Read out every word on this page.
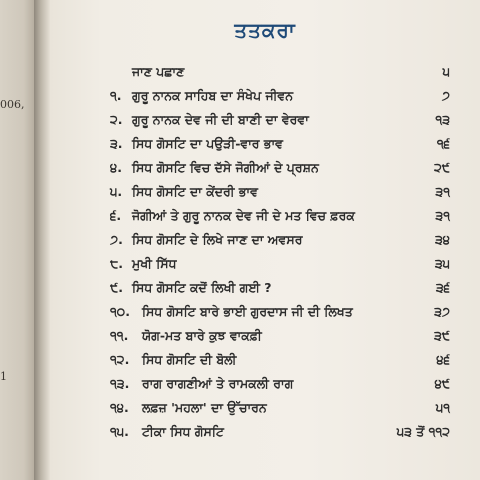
006,
1
ਤਤਕਰਾ
ਜਾਣ ਪਛਾਣ	੫
੧. ਗੁਰੂ ਨਾਨਕ ਸਾਹਿਬ ਦਾ ਸੰਖੇਪ ਜੀਵਨ	੭
੨. ਗੁਰੂ ਨਾਨਕ ਦੇਵ ਜੀ ਦੀ ਬਾਣੀ ਦਾ ਵੇਰਵਾ	੧੩
੩. ਸਿਧ ਗੋਸਟਿ ਦਾ ਪਉੜੀ-ਵਾਰ ਭਾਵ	੧੬
੪. ਸਿਧ ਗੋਸਟਿ ਵਿਚ ਦੱਸੇ ਜੋਗੀਆਂ ਦੇ ਪ੍ਰਸ਼ਨ	੨੯
੫. ਸਿਧ ਗੋਸਟਿ ਦਾ ਕੇਂਦਰੀ ਭਾਵ	੩੧
੬. ਜੋਗੀਆਂ ਤੇ ਗੁਰੂ ਨਾਨਕ ਦੇਵ ਜੀ ਦੇ ਮਤ ਵਿਚ ਫ਼ਰਕ	੩੧
੭. ਸਿਧ ਗੋਸਟਿ ਦੇ ਲਿਖੇ ਜਾਣ ਦਾ ਅਵਸਰ	੩੪
੮. ਮੁਖੀ ਸਿੱਧ	੩੫
੯. ਸਿਧ ਗੋਸਟਿ ਕਦੋਂ ਲਿਖੀ ਗਈ ?	੩੬
੧੦. ਸਿਧ ਗੋਸਟਿ ਬਾਰੇ ਭਾਈ ਗੁਰਦਾਸ ਜੀ ਦੀ ਲਿਖਤ	੩੭
੧੧. ਯੋਗ-ਮਤ ਬਾਰੇ ਕੁਝ ਵਾਕਫ਼ੀ	੩੯
੧੨. ਸਿਧ ਗੋਸਟਿ ਦੀ ਬੋਲੀ	੪੬
੧੩. ਰਾਗ ਰਾਗਣੀਆਂ ਤੇ ਰਾਮਕਲੀ ਰਾਗ	੪੯
੧੪. ਲਫ਼ਜ਼ 'ਮਹਲਾ' ਦਾ ਉੱਚਾਰਨ	੫੧
੧੫. ਟੀਕਾ ਸਿਧ ਗੋਸਟਿ	੫੩ ਤੋਂ ੧੧੨
